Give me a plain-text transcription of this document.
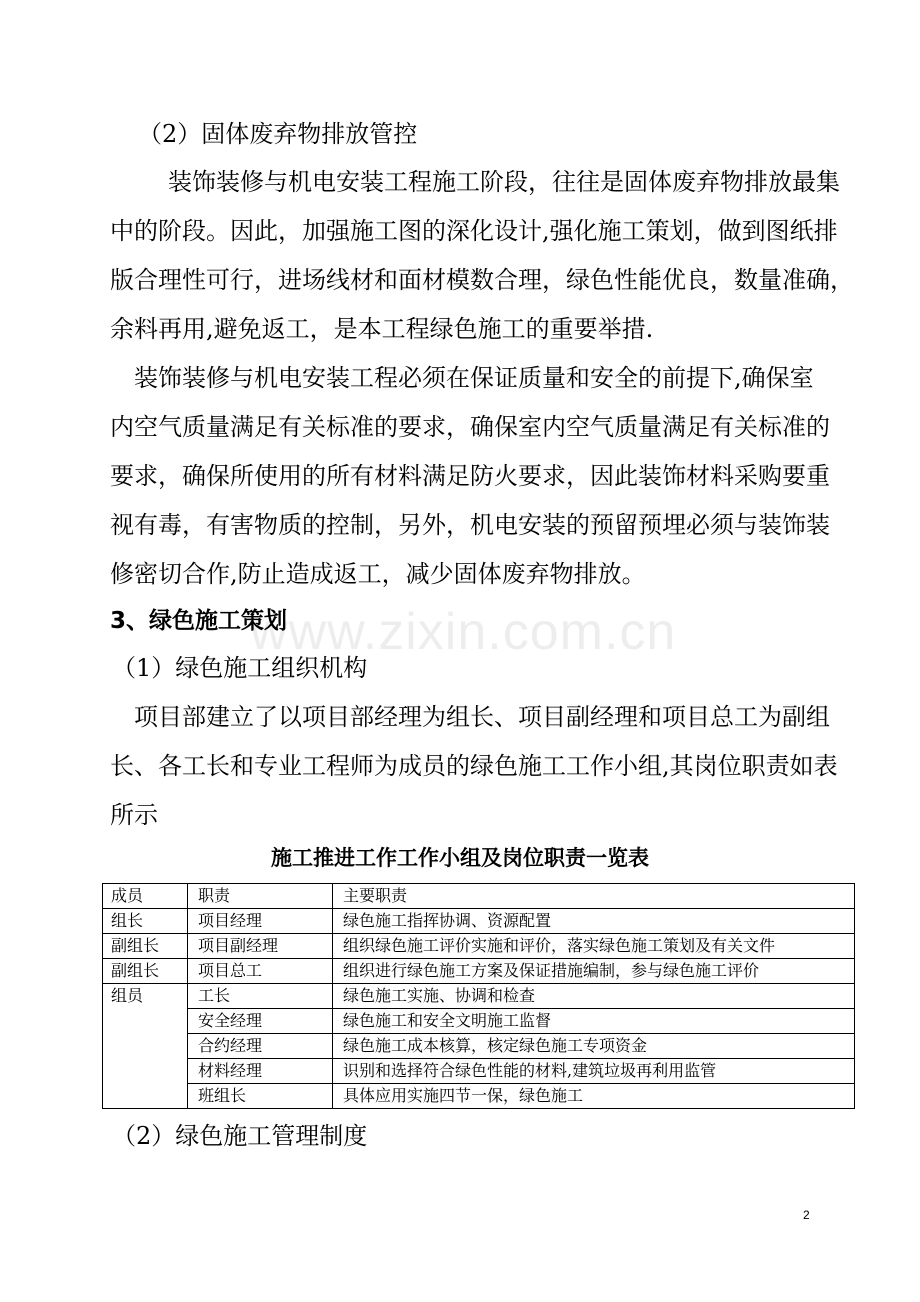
www.zixin.com.cn
（2）固体废弃物排放管控
装饰装修与机电安装工程施工阶段，往往是固体废弃物排放最集
中的阶段。因此，加强施工图的深化设计,强化施工策划，做到图纸排
版合理性可行，进场线材和面材模数合理，绿色性能优良，数量准确，
余料再用,避免返工，是本工程绿色施工的重要举措.
装饰装修与机电安装工程必须在保证质量和安全的前提下,确保室
内空气质量满足有关标准的要求，确保室内空气质量满足有关标准的
要求，确保所使用的所有材料满足防火要求，因此装饰材料采购要重
视有毒，有害物质的控制，另外，机电安装的预留预埋必须与装饰装
修密切合作,防止造成返工，减少固体废弃物排放。
3、绿色施工策划
（1）绿色施工组织机构
项目部建立了以项目部经理为组长、项目副经理和项目总工为副组
长、各工长和专业工程师为成员的绿色施工工作小组,其岗位职责如表
所示
施工推进工作工作小组及岗位职责一览表
成员	职责	主要职责
组长	项目经理	绿色施工指挥协调、资源配置
副组长	项目副经理	组织绿色施工评价实施和评价，落实绿色施工策划及有关文件
副组长	项目总工	组织进行绿色施工方案及保证措施编制，参与绿色施工评价
组员	工长	绿色施工实施、协调和检查
	安全经理	绿色施工和安全文明施工监督
	合约经理	绿色施工成本核算，核定绿色施工专项资金
	材料经理	识别和选择符合绿色性能的材料,建筑垃圾再利用监管
	班组长	具体应用实施四节一保，绿色施工
（2）绿色施工管理制度
2
